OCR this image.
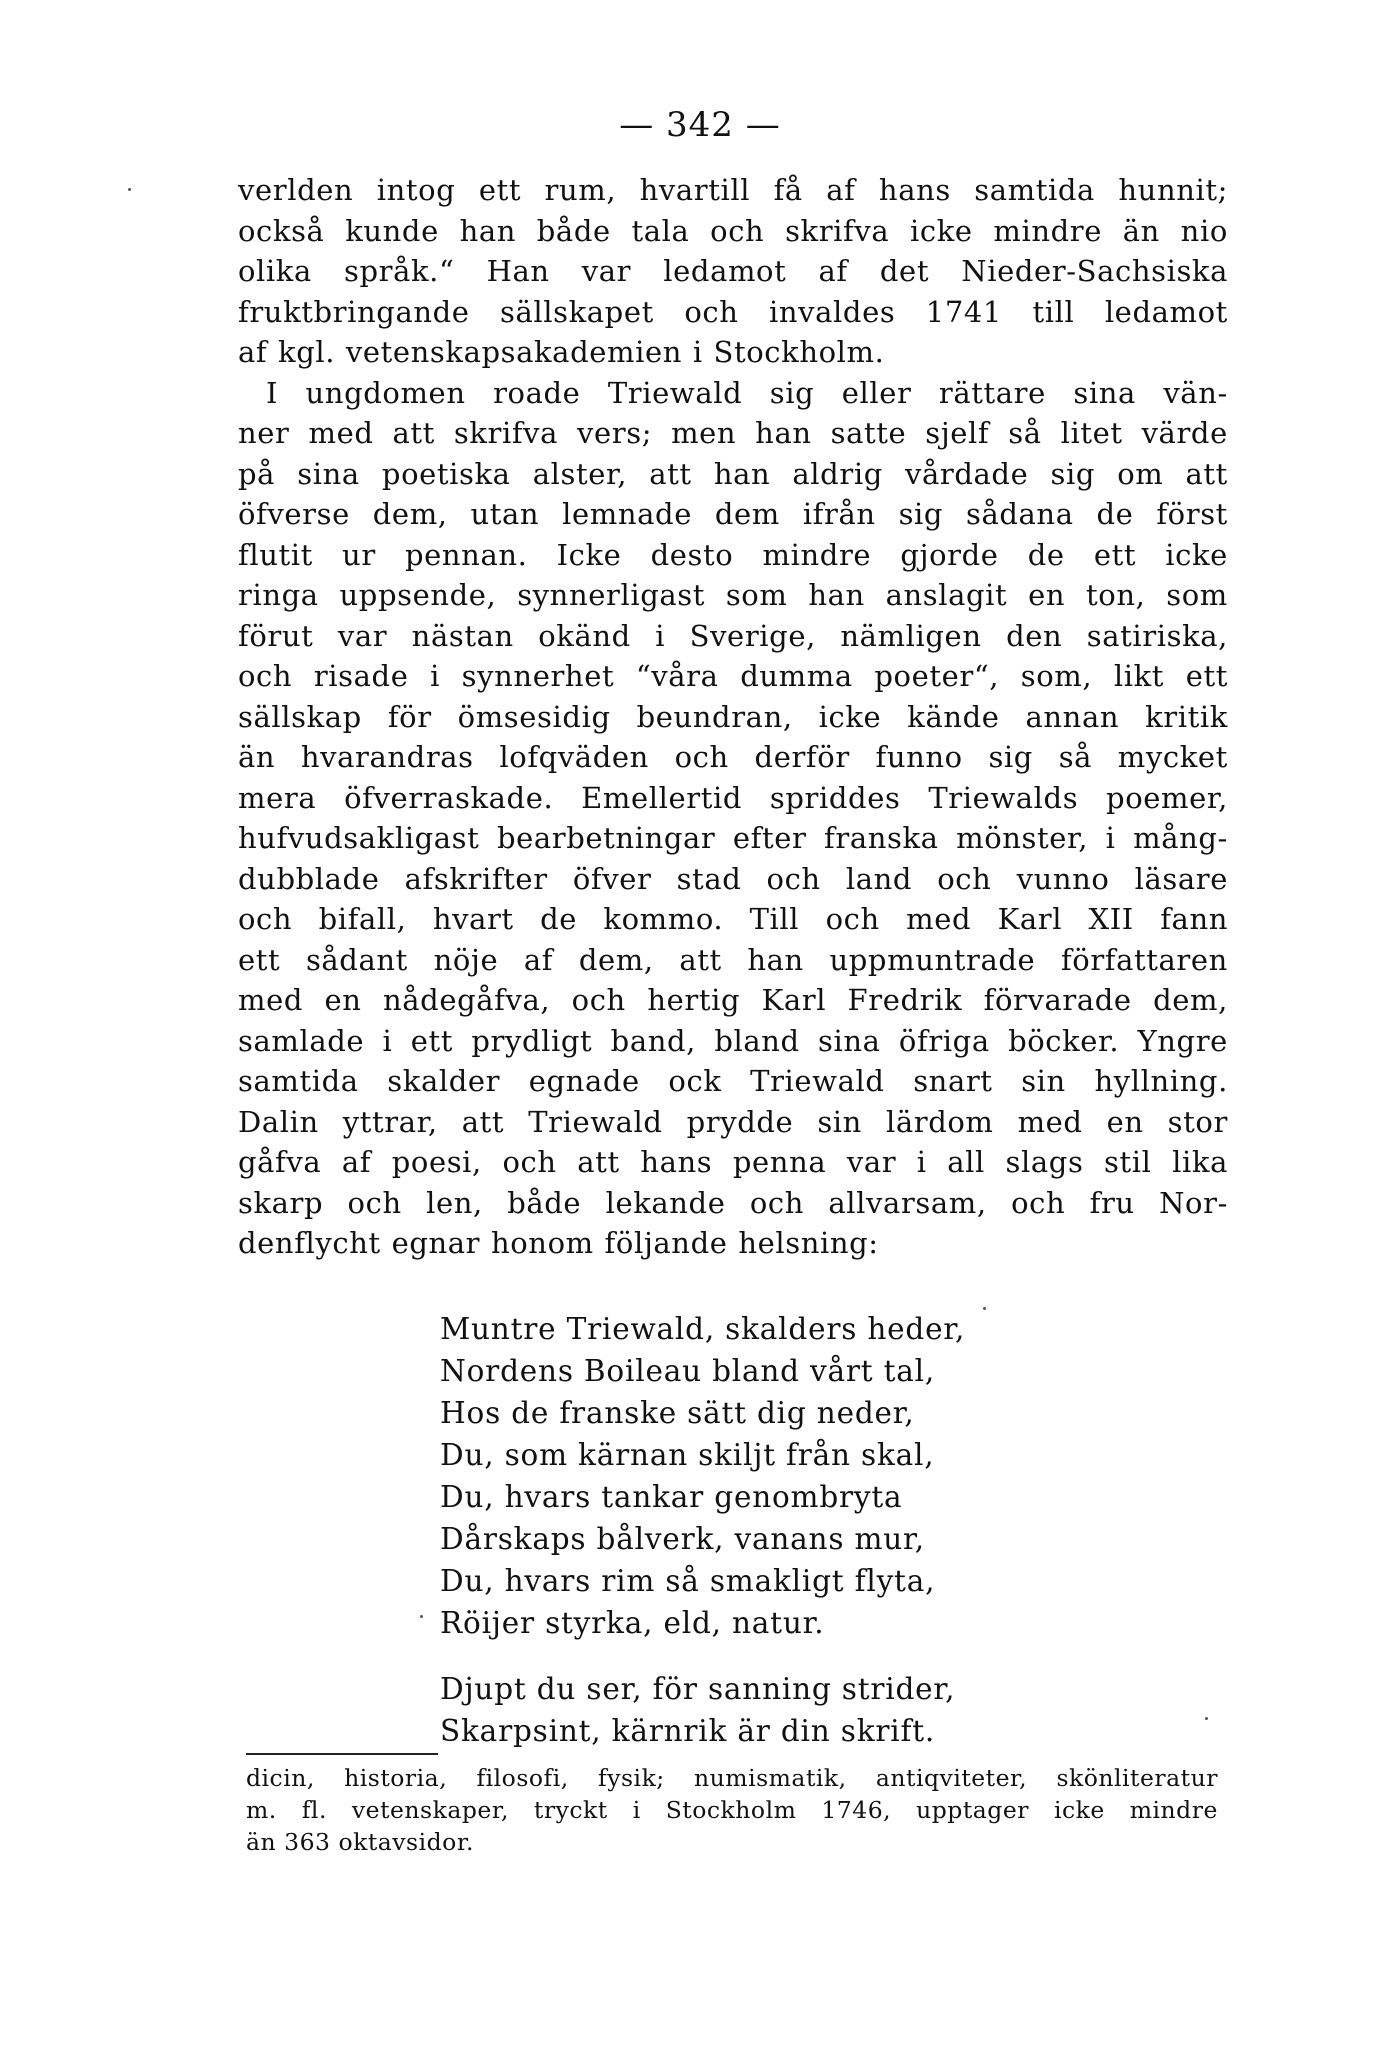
— 342 —
verlden intog ett rum, hvartill få af hans samtida hunnit;
också kunde han både tala och skrifva icke mindre än nio
olika språk.“ Han var ledamot af det Nieder-Sachsiska
fruktbringande sällskapet och invaldes 1741 till ledamot
af kgl. vetenskapsakademien i Stockholm.
I ungdomen roade Triewald sig eller rättare sina vän-
ner med att skrifva vers; men han satte sjelf så litet värde
på sina poetiska alster, att han aldrig vårdade sig om att
öfverse dem, utan lemnade dem ifrån sig sådana de först
flutit ur pennan. Icke desto mindre gjorde de ett icke
ringa uppsende, synnerligast som han anslagit en ton, som
förut var nästan okänd i Sverige, nämligen den satiriska,
och risade i synnerhet “våra dumma poeter“, som, likt ett
sällskap för ömsesidig beundran, icke kände annan kritik
än hvarandras lofqväden och derför funno sig så mycket
mera öfverraskade. Emellertid spriddes Triewalds poemer,
hufvudsakligast bearbetningar efter franska mönster, i mång-
dubblade afskrifter öfver stad och land och vunno läsare
och bifall, hvart de kommo. Till och med Karl XII fann
ett sådant nöje af dem, att han uppmuntrade författaren
med en nådegåfva, och hertig Karl Fredrik förvarade dem,
samlade i ett prydligt band, bland sina öfriga böcker. Yngre
samtida skalder egnade ock Triewald snart sin hyllning.
Dalin yttrar, att Triewald prydde sin lärdom med en stor
gåfva af poesi, och att hans penna var i all slags stil lika
skarp och len, både lekande och allvarsam, och fru Nor-
denflycht egnar honom följande helsning:
Muntre Triewald, skalders heder,
Nordens Boileau bland vårt tal,
Hos de franske sätt dig neder,
Du, som kärnan skiljt från skal,
Du, hvars tankar genombryta
Dårskaps bålverk, vanans mur,
Du, hvars rim så smakligt flyta,
Röijer styrka, eld, natur.
Djupt du ser, för sanning strider,
Skarpsint, kärnrik är din skrift.
dicin, historia, filosofi, fysik; numismatik, antiqviteter, skönliteratur
m. fl. vetenskaper, tryckt i Stockholm 1746, upptager icke mindre
än 363 oktavsidor.
